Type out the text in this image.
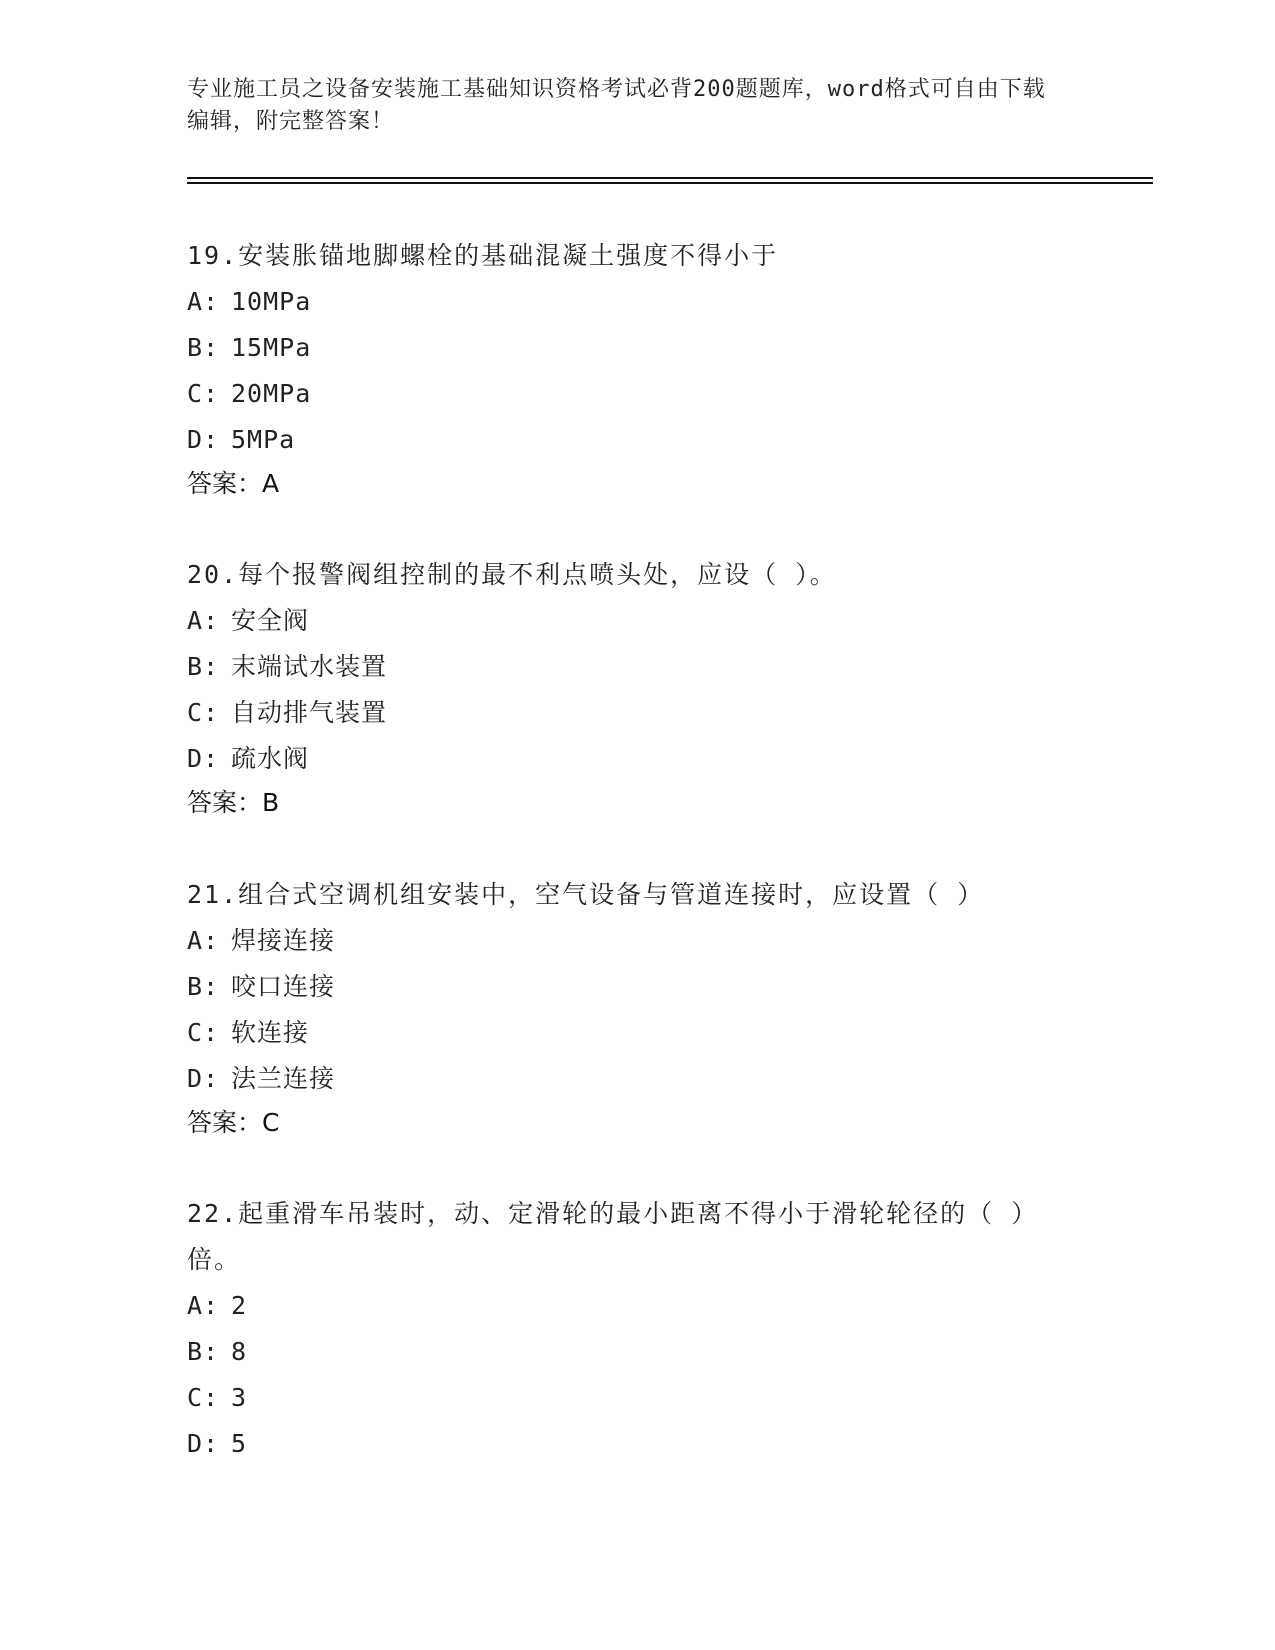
专业施工员之设备安装施工基础知识资格考试必背200题题库，word格式可自由下载编辑，附完整答案！

19.安装胀锚地脚螺栓的基础混凝土强度不得小于

A: 10MPa

B: 15MPa

C: 20MPa

D: 5MPa

答案：A

20.每个报警阀组控制的最不利点喷头处，应设（ ）。

A: 安全阀

B: 末端试水装置

C: 自动排气装置

D: 疏水阀

答案：B

21.组合式空调机组安装中，空气设备与管道连接时，应设置（ ）

A: 焊接连接

B: 咬口连接

C: 软连接

D: 法兰连接

答案：C

22.起重滑车吊装时，动、定滑轮的最小距离不得小于滑轮轮径的（ ）倍。

A: 2

B: 8

C: 3

D: 5
